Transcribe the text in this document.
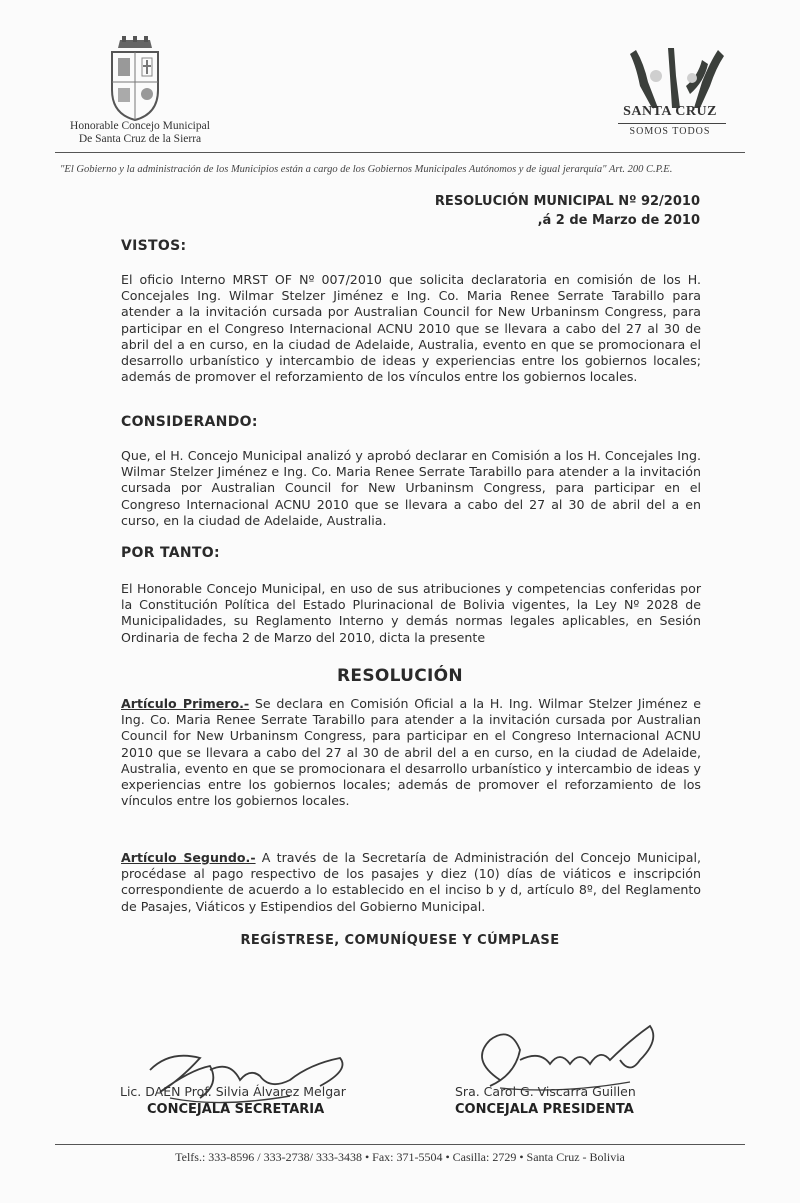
Honorable Concejo Municipal
De Santa Cruz de la Sierra
SANTA CRUZ
SOMOS TODOS
"El Gobierno y la administración de los Municipios están a cargo de los Gobiernos Municipales Autónomos y de igual jerarquía" Art. 200 C.P.E.
RESOLUCIÓN MUNICIPAL Nº 92/2010
,á 2 de Marzo de 2010
VISTOS:
El oficio Interno MRST OF Nº 007/2010 que solicita declaratoria en comisión de los H. Concejales Ing. Wilmar Stelzer Jiménez e Ing. Co. Maria Renee Serrate Tarabillo para atender a la invitación cursada por Australian Council for New Urbaninsm Congress, para participar en el Congreso Internacional ACNU 2010 que se llevara a cabo del 27 al 30 de abril del a en curso, en la ciudad de Adelaide, Australia, evento en que se promocionara el desarrollo urbanístico y intercambio de ideas y experiencias entre los gobiernos locales; además de promover el reforzamiento de los vínculos entre los gobiernos locales.
CONSIDERANDO:
Que, el H. Concejo Municipal analizó y aprobó declarar en Comisión a los H. Concejales Ing. Wilmar Stelzer Jiménez e Ing. Co. Maria Renee Serrate Tarabillo para atender a la invitación cursada por Australian Council for New Urbaninsm Congress, para participar en el Congreso Internacional ACNU 2010 que se llevara a cabo del 27 al 30 de abril del a en curso, en la ciudad de Adelaide, Australia.
POR TANTO:
El Honorable Concejo Municipal, en uso de sus atribuciones y competencias conferidas por la Constitución Política del Estado Plurinacional de Bolivia vigentes, la Ley Nº 2028 de Municipalidades, su Reglamento Interno y demás normas legales aplicables, en Sesión Ordinaria de fecha 2 de Marzo del 2010, dicta la presente
RESOLUCIÓN
Artículo Primero.- Se declara en Comisión Oficial a la H. Ing. Wilmar Stelzer Jiménez e Ing. Co. Maria Renee Serrate Tarabillo para atender a la invitación cursada por Australian Council for New Urbaninsm Congress, para participar en el Congreso Internacional ACNU 2010 que se llevara a cabo del 27 al 30 de abril del a en curso, en la ciudad de Adelaide, Australia, evento en que se promocionara el desarrollo urbanístico y intercambio de ideas y experiencias entre los gobiernos locales; además de promover el reforzamiento de los vínculos entre los gobiernos locales.
Artículo Segundo.- A través de la Secretaría de Administración del Concejo Municipal, procédase al pago respectivo de los pasajes y diez (10) días de viáticos e inscripción correspondiente de acuerdo a lo establecido en el inciso b y d, artículo 8º, del Reglamento de Pasajes, Viáticos y Estipendios del Gobierno Municipal.
REGÍSTRESE, COMUNÍQUESE Y CÚMPLASE
Lic. DAEN Prof. Silvia Álvarez Melgar
CONCEJALA SECRETARIA
Sra. Carol G. Viscarra Guillen
CONCEJALA PRESIDENTA
Telfs.: 333-8596 / 333-2738/ 333-3438 • Fax: 371-5504 • Casilla: 2729 • Santa Cruz - Bolivia
